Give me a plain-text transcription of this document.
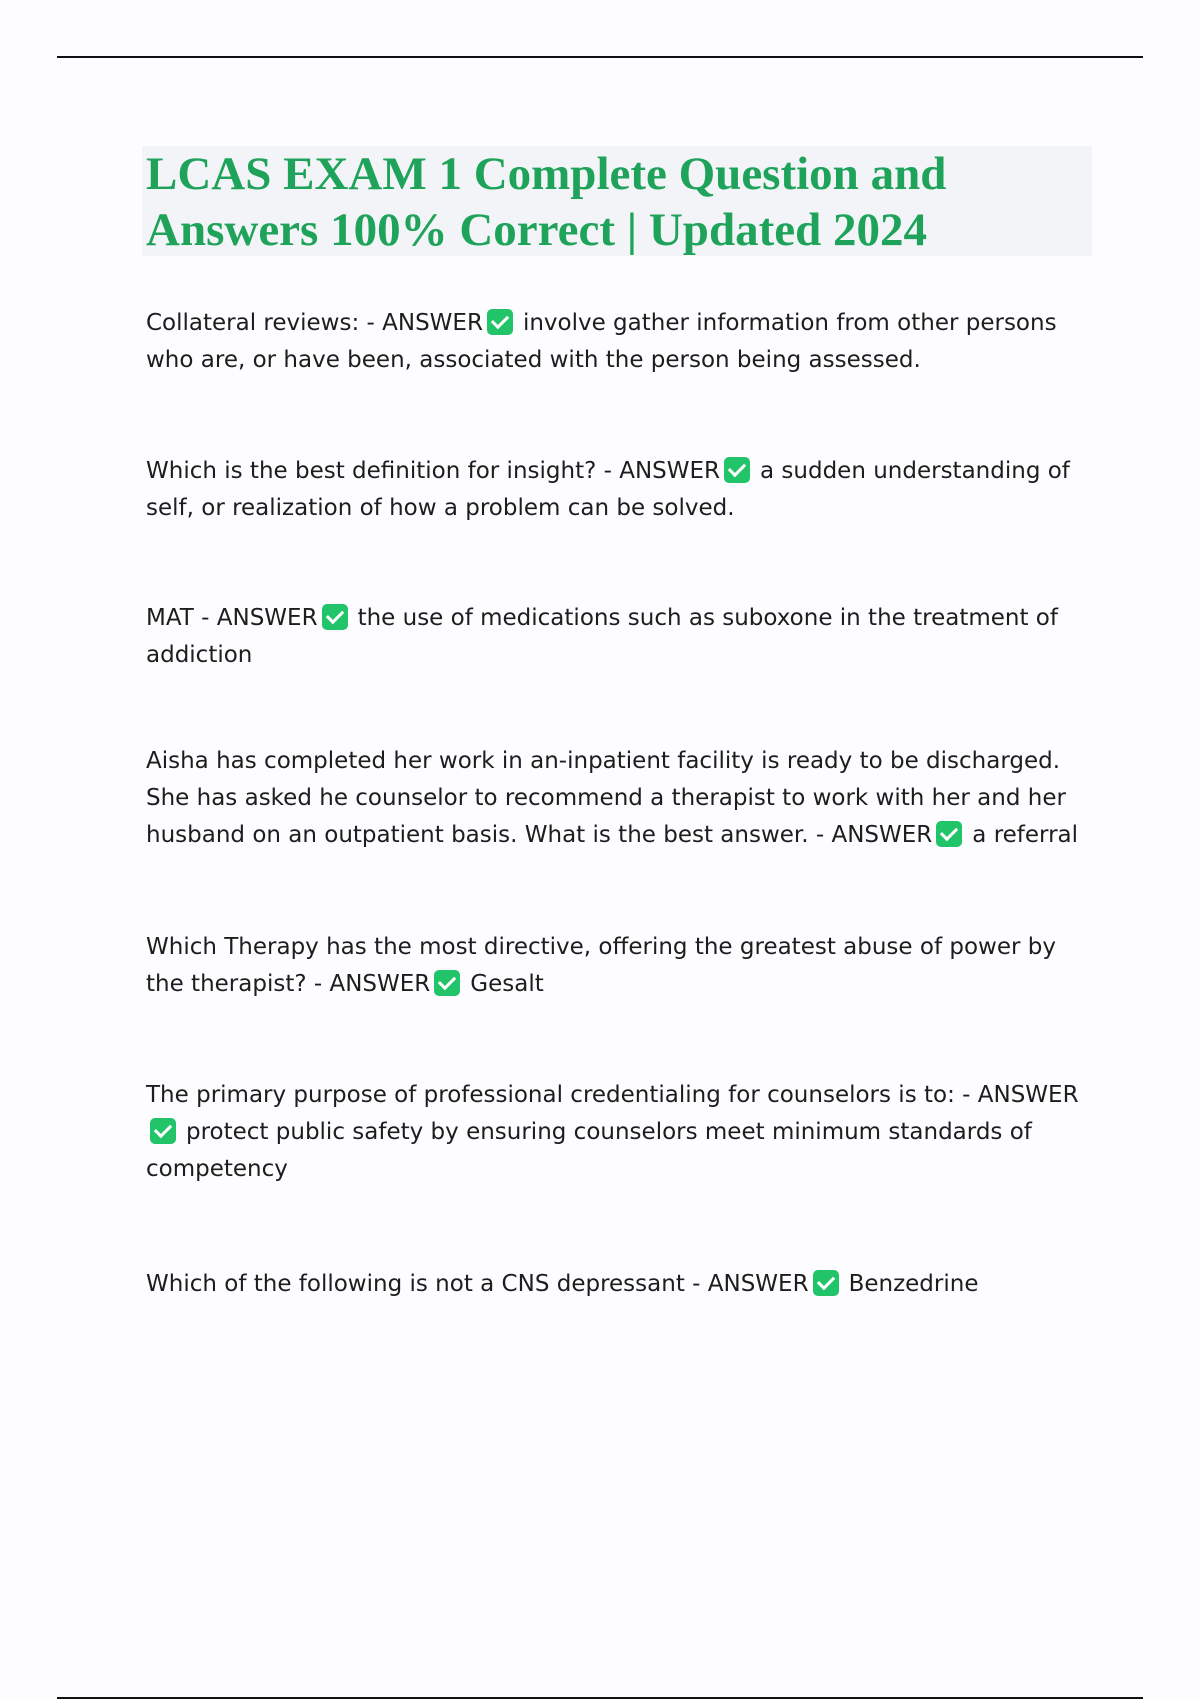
LCAS EXAM 1 Complete Question and Answers 100% Correct | Updated 2024

Collateral reviews: - ANSWER involve gather information from other persons who are, or have been, associated with the person being assessed.

Which is the best definition for insight? - ANSWER a sudden understanding of self, or realization of how a problem can be solved.

MAT - ANSWER the use of medications such as suboxone in the treatment of addiction

Aisha has completed her work in an-inpatient facility is ready to be discharged. She has asked he counselor to recommend a therapist to work with her and her husband on an outpatient basis. What is the best answer. - ANSWER a referral

Which Therapy has the most directive, offering the greatest abuse of power by the therapist? - ANSWER Gesalt

The primary purpose of professional credentialing for counselors is to: - ANSWERprotect public safety by ensuring counselors meet minimum standards of competency

Which of the following is not a CNS depressant - ANSWER Benzedrine
